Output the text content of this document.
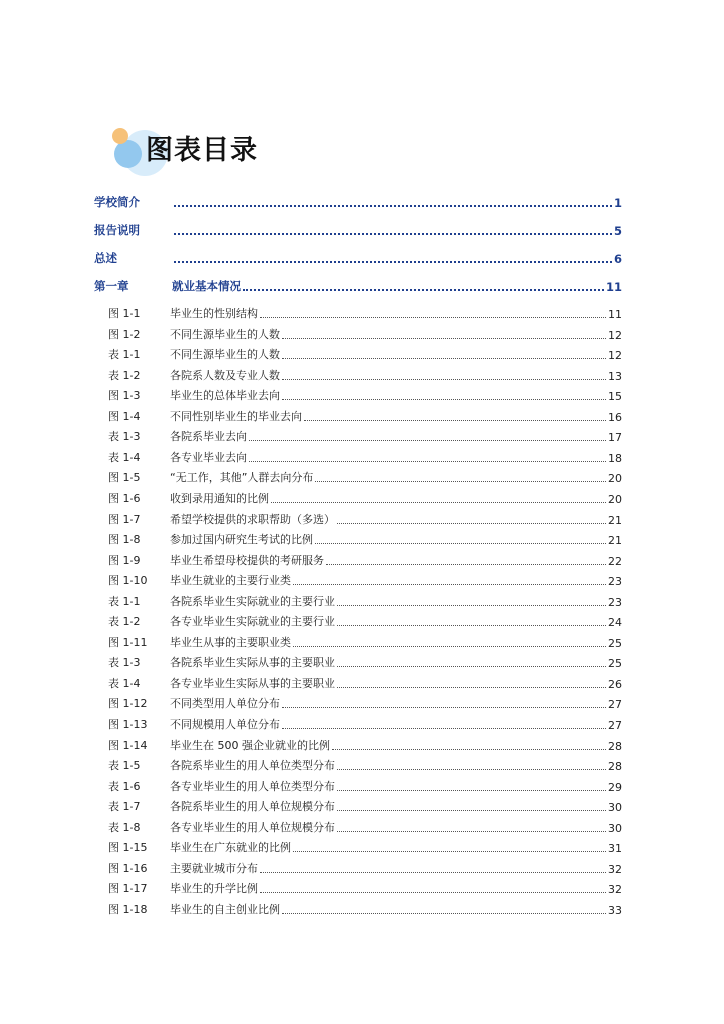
图表目录
学校简介	1
报告说明	5
总述	6
第一章	就业基本情况	11
图 1-1	毕业生的性别结构	11
图 1-2	不同生源毕业生的人数	12
表 1-1	不同生源毕业生的人数	12
表 1-2	各院系人数及专业人数	13
图 1-3	毕业生的总体毕业去向	15
图 1-4	不同性别毕业生的毕业去向	16
表 1-3	各院系毕业去向	17
表 1-4	各专业毕业去向	18
图 1-5	“无工作，其他”人群去向分布	20
图 1-6	收到录用通知的比例	20
图 1-7	希望学校提供的求职帮助（多选）	21
图 1-8	参加过国内研究生考试的比例	21
图 1-9	毕业生希望母校提供的考研服务	22
图 1-10	毕业生就业的主要行业类	23
表 1-1	各院系毕业生实际就业的主要行业	23
表 1-2	各专业毕业生实际就业的主要行业	24
图 1-11	毕业生从事的主要职业类	25
表 1-3	各院系毕业生实际从事的主要职业	25
表 1-4	各专业毕业生实际从事的主要职业	26
图 1-12	不同类型用人单位分布	27
图 1-13	不同规模用人单位分布	27
图 1-14	毕业生在 500 强企业就业的比例	28
表 1-5	各院系毕业生的用人单位类型分布	28
表 1-6	各专业毕业生的用人单位类型分布	29
表 1-7	各院系毕业生的用人单位规模分布	30
表 1-8	各专业毕业生的用人单位规模分布	30
图 1-15	毕业生在广东就业的比例	31
图 1-16	主要就业城市分布	32
图 1-17	毕业生的升学比例	32
图 1-18	毕业生的自主创业比例	33
